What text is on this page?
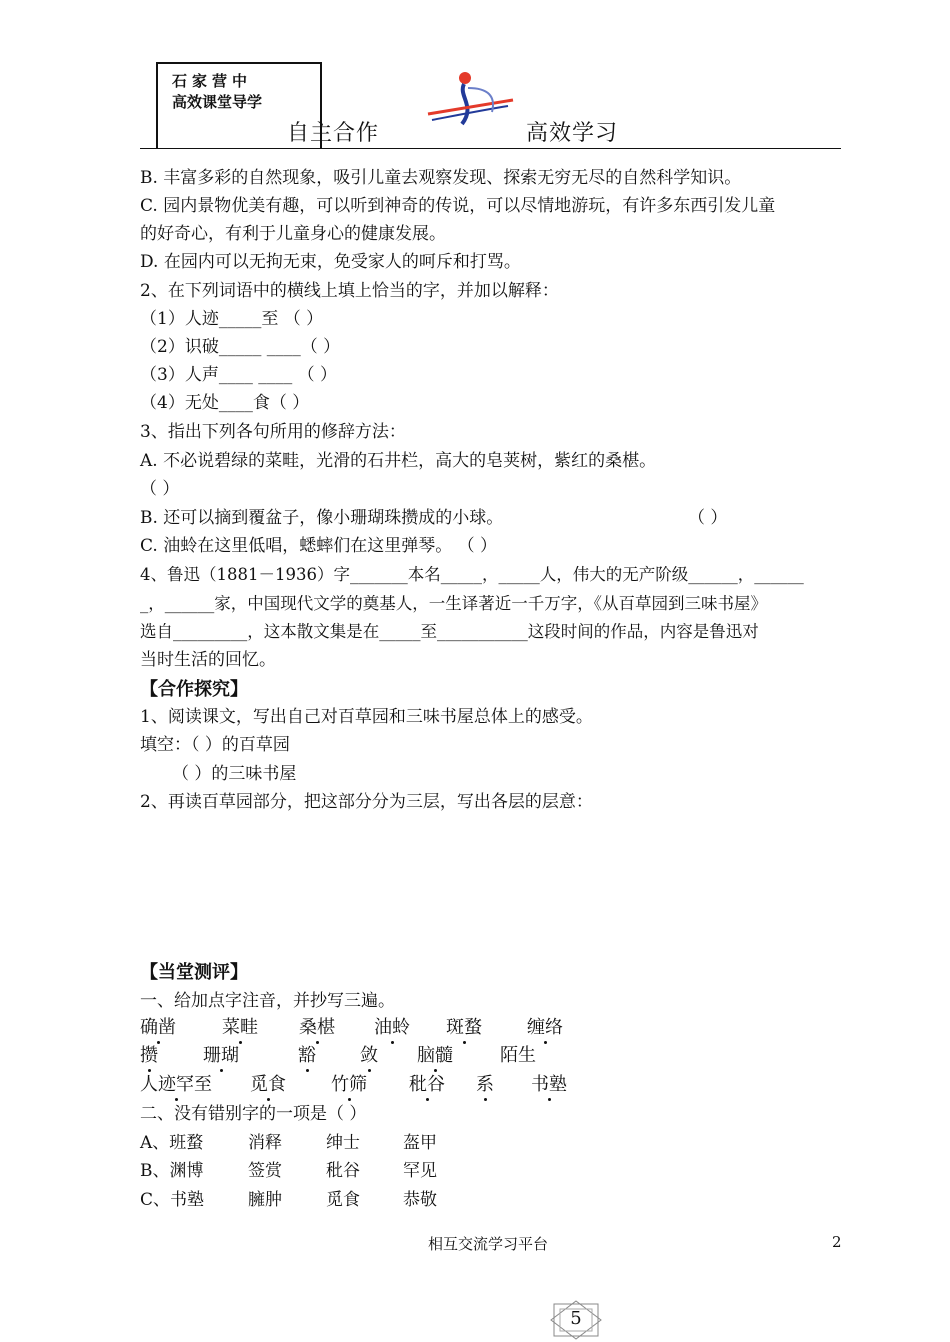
石家营中
高效课堂导学
自主合作	高效学习
B. 丰富多彩的自然现象，吸引儿童去观察发现、探索无穷无尽的自然科学知识。
C. 园内景物优美有趣，可以听到神奇的传说，可以尽情地游玩，有许多东西引发儿童
的好奇心，有利于儿童身心的健康发展。
D. 在园内可以无拘无束，免受家人的呵斥和打骂。
2、在下列词语中的横线上填上恰当的字，并加以解释：
（1）人迹_____至 （ ）
（2）识破_____ ____（ ）
（3）人声____ ____ （ ）
（4）无处____食（ ）
3、指出下列各句所用的修辞方法：
A. 不必说碧绿的菜畦，光滑的石井栏，高大的皂荚树，紫红的桑椹。
（ ）
B. 还可以摘到覆盆子，像小珊瑚珠攒成的小球。	（ ）
C. 油蛉在这里低唱，蟋蟀们在这里弹琴。 （ ）
4、鲁迅（1881－1936）字_______本名_____，_____人，伟大的无产阶级______，______
_，______家，中国现代文学的奠基人，一生译著近一千万字，《从百草园到三味书屋》
选自_________，这本散文集是在_____至___________这段时间的作品，内容是鲁迅对
当时生活的回忆。
【合作探究】
1、阅读课文，写出自己对百草园和三味书屋总体上的感受。
填空：（ ）的百草园
（ ）的三味书屋
2、再读百草园部分，把这部分分为三层，写出各层的层意：
【当堂测评】
一、给加点字注音，并抄写三遍。
确凿	菜畦 桑椹 油蛉 斑蝥	缠络
攒	珊瑚	豁 敛 脑髓	陌生
人迹罕至 觅食	竹筛 秕谷 系 书塾
二、没有错别字的一项是（ ）
A、班蝥	消释	绅士	盔甲
B、渊博	签赏	秕谷	罕见
C、书塾	臃肿	觅食	恭敬
相互交流学习平台	2
5
